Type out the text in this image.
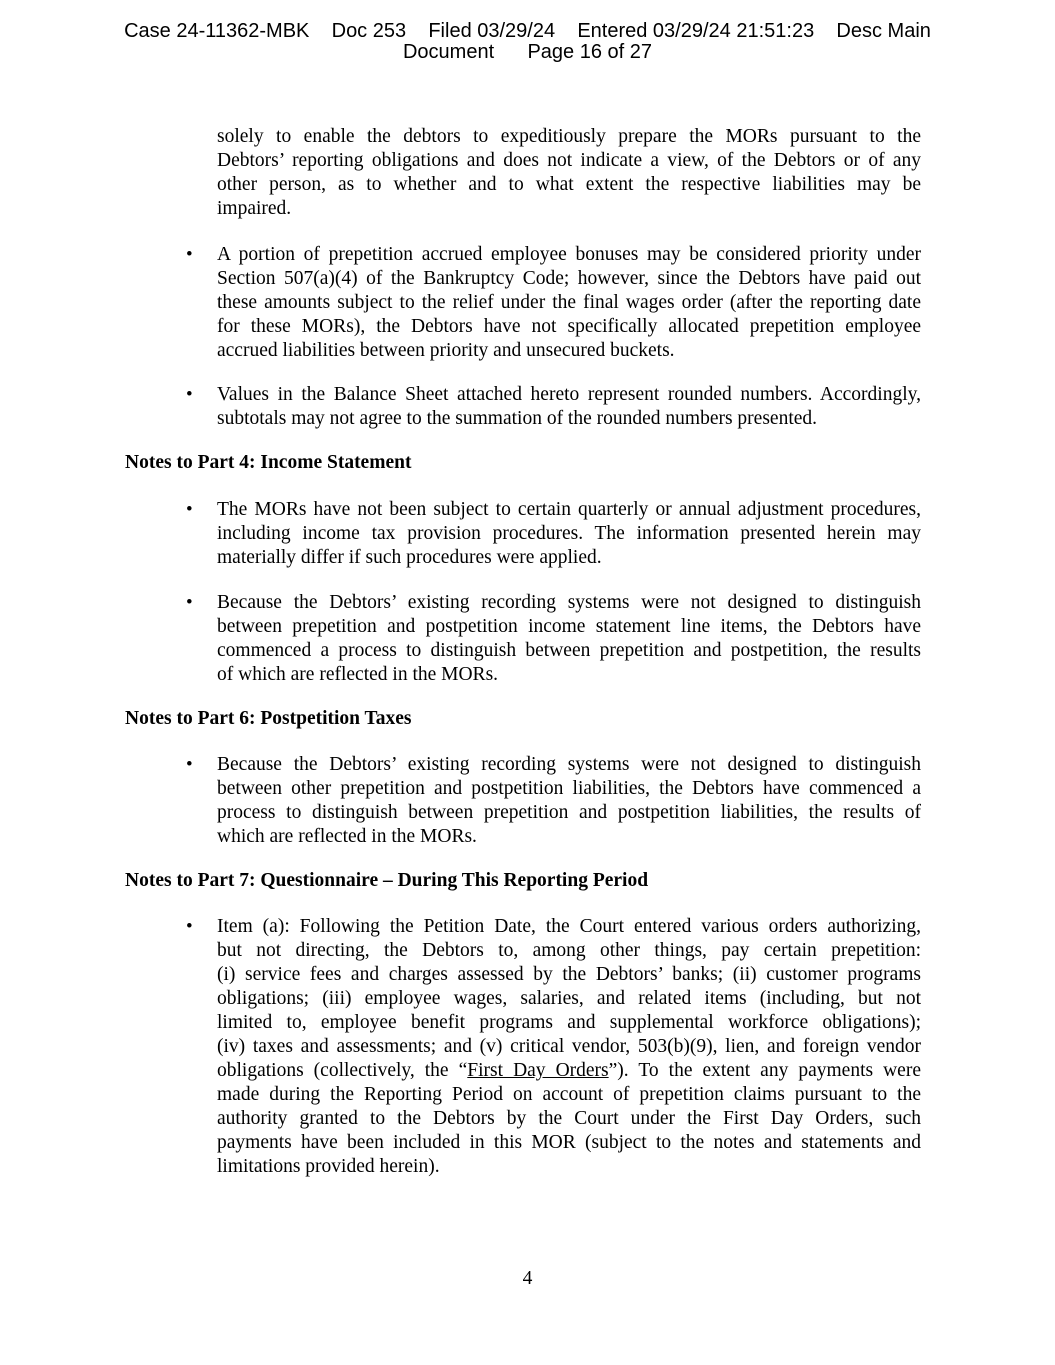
Case 24-11362-MBK    Doc 253    Filed 03/29/24    Entered 03/29/24 21:51:23    Desc Main
Document      Page 16 of 27
solely to enable the debtors to expeditiously prepare the MORs pursuant to the
Debtors’ reporting obligations and does not indicate a view, of the Debtors or of any
other person, as to whether and to what extent the respective liabilities may be
impaired.
• A portion of prepetition accrued employee bonuses may be considered priority under
Section 507(a)(4) of the Bankruptcy Code; however, since the Debtors have paid out
these amounts subject to the relief under the final wages order (after the reporting date
for these MORs), the Debtors have not specifically allocated prepetition employee
accrued liabilities between priority and unsecured buckets.
• Values in the Balance Sheet attached hereto represent rounded numbers. Accordingly,
subtotals may not agree to the summation of the rounded numbers presented.
Notes to Part 4: Income Statement
• The MORs have not been subject to certain quarterly or annual adjustment procedures,
including income tax provision procedures. The information presented herein may
materially differ if such procedures were applied.
• Because the Debtors’ existing recording systems were not designed to distinguish
between prepetition and postpetition income statement line items, the Debtors have
commenced a process to distinguish between prepetition and postpetition, the results
of which are reflected in the MORs.
Notes to Part 6: Postpetition Taxes
• Because the Debtors’ existing recording systems were not designed to distinguish
between other prepetition and postpetition liabilities, the Debtors have commenced a
process to distinguish between prepetition and postpetition liabilities, the results of
which are reflected in the MORs.
Notes to Part 7: Questionnaire – During This Reporting Period
• Item (a): Following the Petition Date, the Court entered various orders authorizing,
but not directing, the Debtors to, among other things, pay certain prepetition:
(i) service fees and charges assessed by the Debtors’ banks; (ii) customer programs
obligations; (iii) employee wages, salaries, and related items (including, but not
limited to, employee benefit programs and supplemental workforce obligations);
(iv) taxes and assessments; and (v) critical vendor, 503(b)(9), lien, and foreign vendor
obligations (collectively, the “First Day Orders”). To the extent any payments were
made during the Reporting Period on account of prepetition claims pursuant to the
authority granted to the Debtors by the Court under the First Day Orders, such
payments have been included in this MOR (subject to the notes and statements and
limitations provided herein).
4
